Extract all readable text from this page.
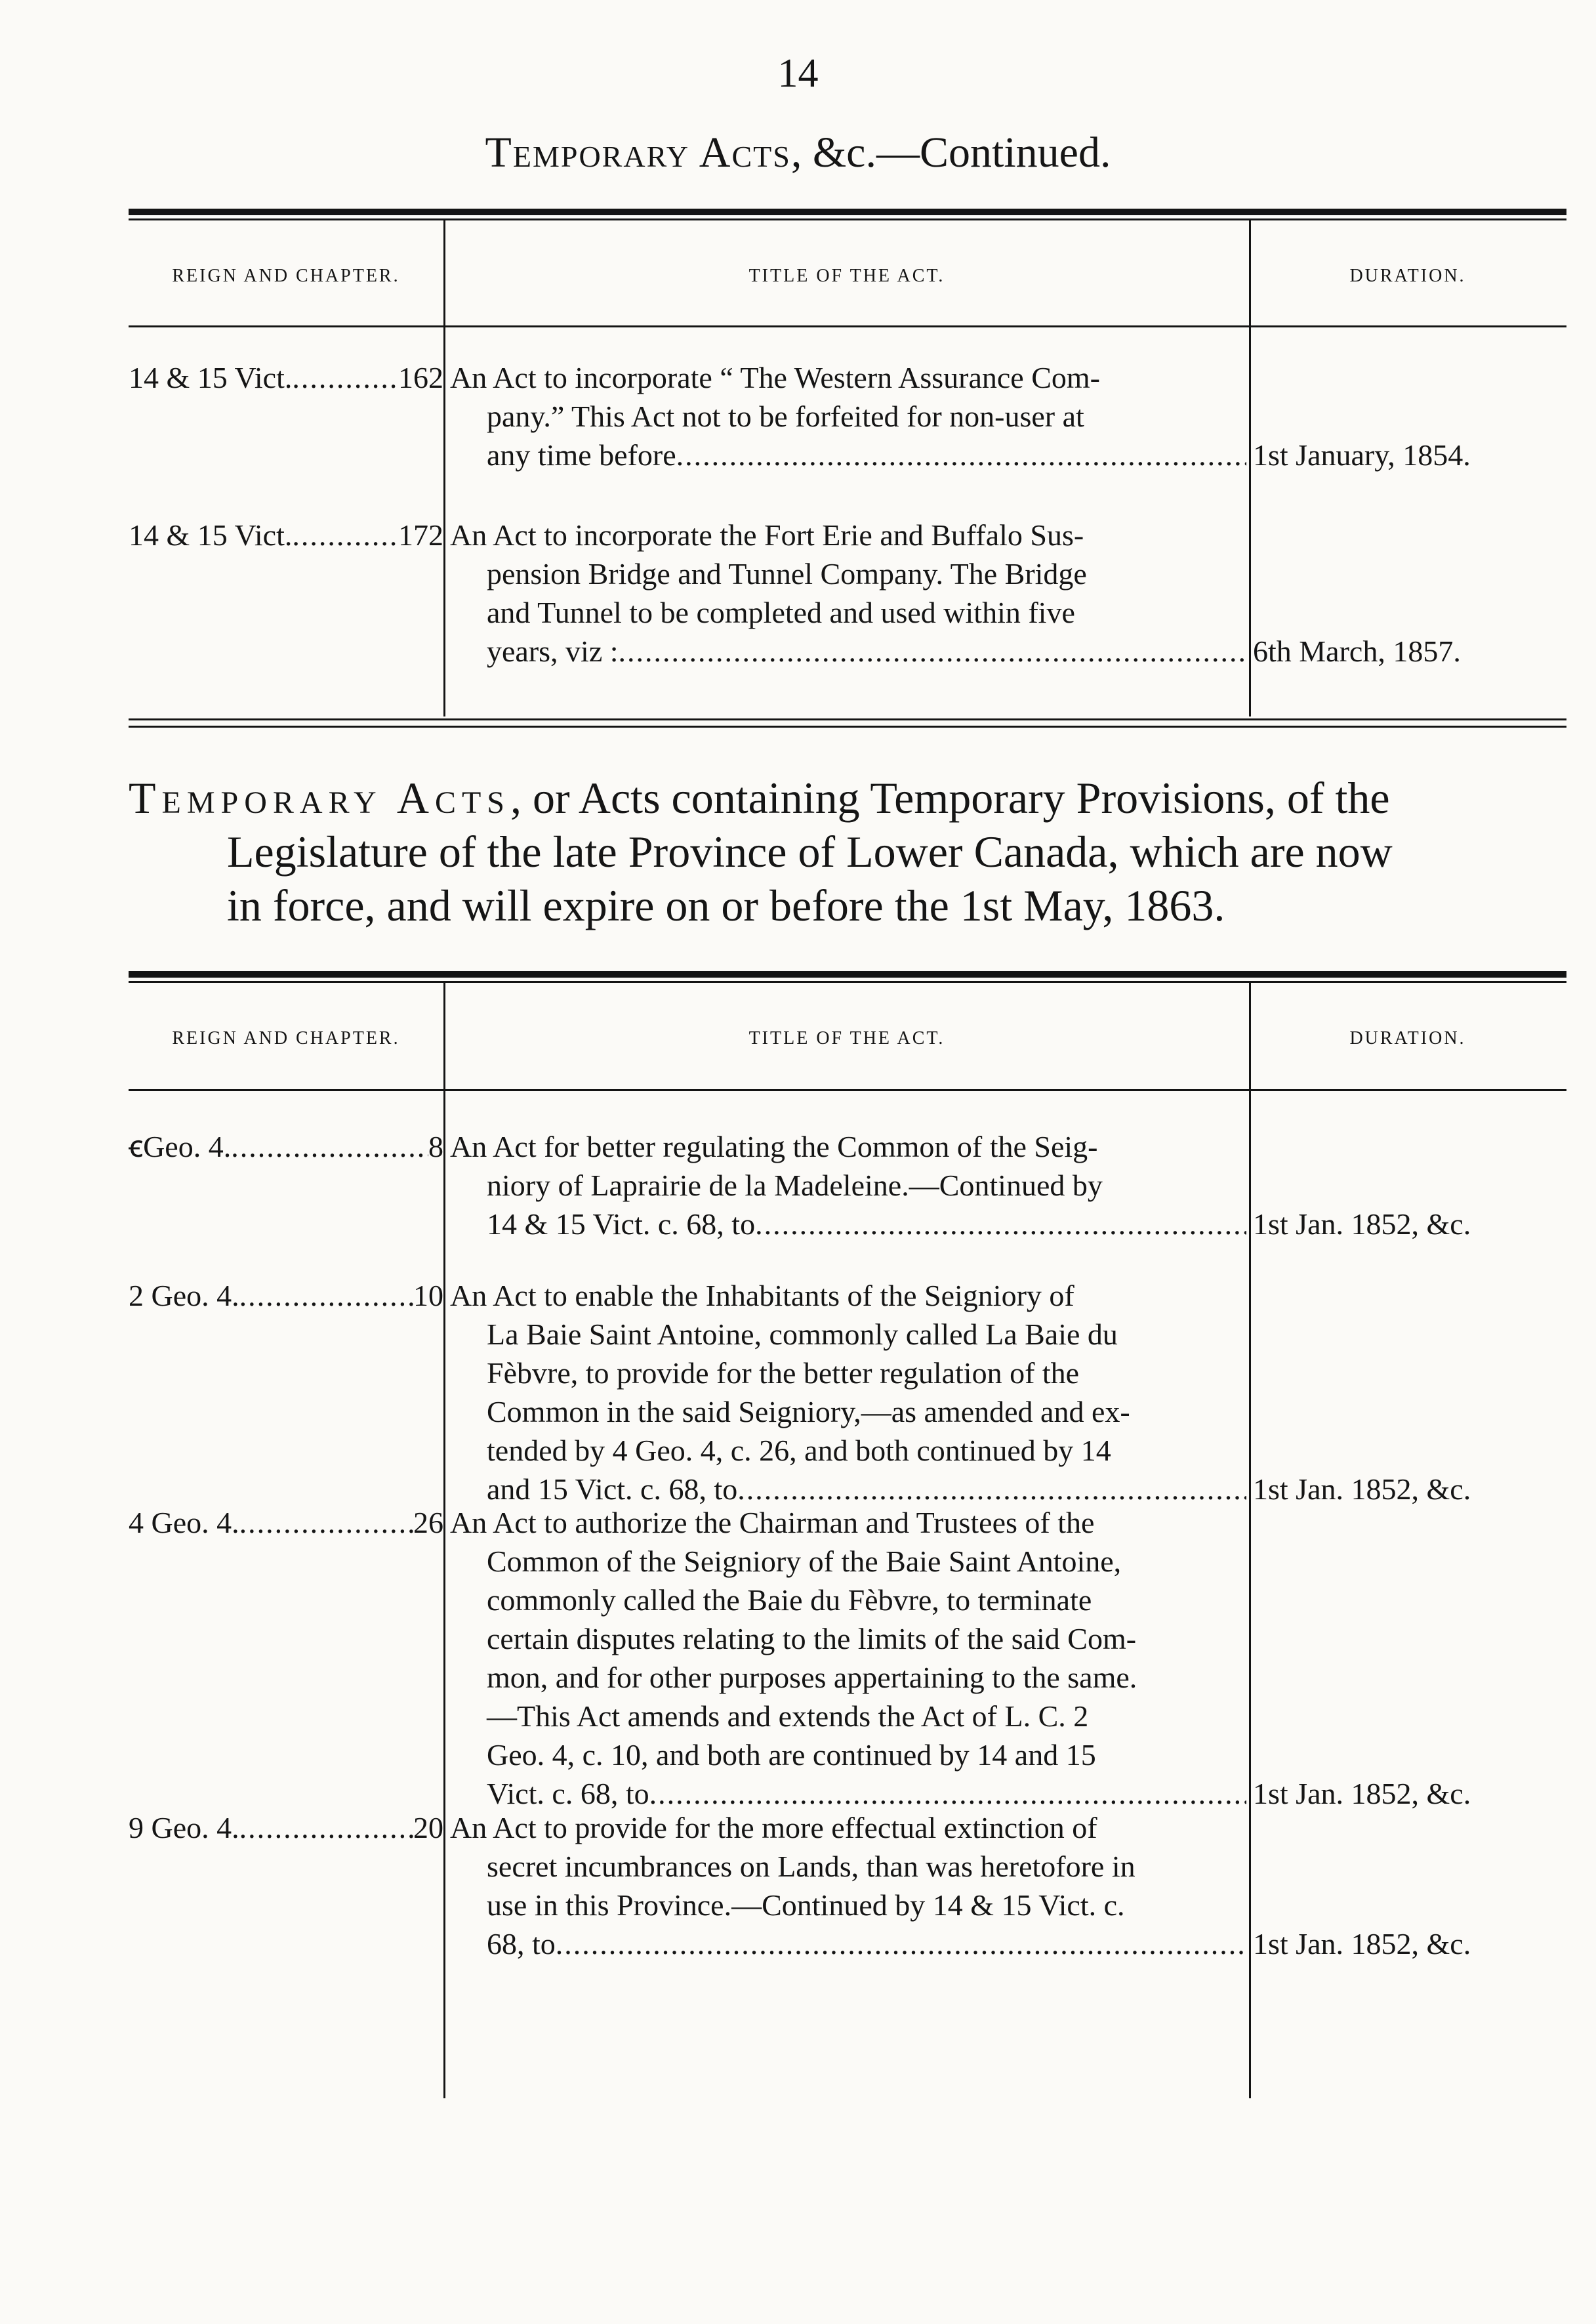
14
Temporary Acts, &c.—Continued.
REIGN AND CHAPTER.	TITLE OF THE ACT.	DURATION.
14 & 15 Vict. .....	162 An Act to incorporate “ The Western Assurance Com-
pany.” This Act not to be forfeited for non-user at
any time before .....	1st January, 1854.
14 & 15 Vict. .....	172 An Act to incorporate the Fort Erie and Buffalo Sus-
pension Bridge and Tunnel Company. The Bridge
and Tunnel to be completed and used within five
years, viz : .....	6th March, 1857.
Temporary Acts, or Acts containing Temporary Provisions, of the
Legislature of the late Province of Lower Canada, which are now
in force, and will expire on or before the 1st May, 1863.
REIGN AND CHAPTER.	TITLE OF THE ACT.	DURATION.
ꞓGeo. 4. .....	8 An Act for better regulating the Common of the Seig-
niory of Laprairie de la Madeleine.—Continued by
14 & 15 Vict. c. 68, to .....	1st Jan. 1852, &c.
2 Geo. 4. .....	10 An Act to enable the Inhabitants of the Seigniory of
La Baie Saint Antoine, commonly called La Baie du
Fèbvre, to provide for the better regulation of the
Common in the said Seigniory,—as amended and ex-
tended by 4 Geo. 4, c. 26, and both continued by 14
and 15 Vict. c. 68, to .....	1st Jan. 1852, &c.
4 Geo. 4. .....	26 An Act to authorize the Chairman and Trustees of the
Common of the Seigniory of the Baie Saint Antoine,
commonly called the Baie du Fèbvre, to terminate
certain disputes relating to the limits of the said Com-
mon, and for other purposes appertaining to the same.
—This Act amends and extends the Act of L. C. 2
Geo. 4, c. 10, and both are continued by 14 and 15
Vict. c. 68, to .....	1st Jan. 1852, &c.
9 Geo. 4. .....	20 An Act to provide for the more effectual extinction of
secret incumbrances on Lands, than was heretofore in
use in this Province.—Continued by 14 & 15 Vict. c.
68, to .....	1st Jan. 1852, &c.
